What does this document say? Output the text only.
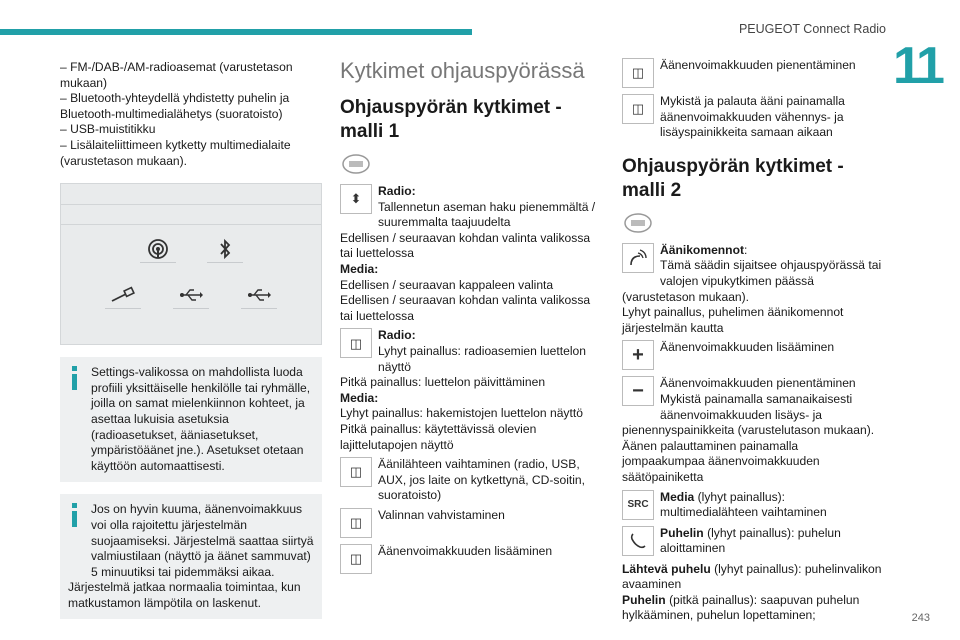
PEUGEOT Connect Radio
11
243

– FM-/DAB-/AM-radioasemat (varustetason mukaan)

– Bluetooth-yhteydellä yhdistetty puhelin ja Bluetooth-multimedialähetys (suoratoisto)

– USB-muistitikku

– Lisälaiteliittimeen kytketty multimedialaite (varustetason mukaan).

Settings-valikossa on mahdollista luoda profiili yksittäiselle henkilölle tai ryhmälle, joilla on samat mielenkiinnon kohteet, ja asettaa lukuisia asetuksia (radioasetukset, ääniasetukset, ympäristöäänet jne.). Asetukset otetaan käyttöön automaattisesti.

Jos on hyvin kuuma, äänenvoimakkuus voi olla rajoitettu järjestelmän suojaamiseksi. Järjestelmä saattaa siirtyä valmiustilaan (näyttö ja äänet sammuvat) 5 minuutiksi tai pidemmäksi aikaa.

Järjestelmä jatkaa normaalia toimintaa, kun matkustamon lämpötila on laskenut.

Kytkimet ohjauspyörässä
Ohjauspyörän kytkimet - malli 1
⬍

Radio:

Tallennetun aseman haku pienemmältä / suuremmalta taajuudelta

Edellisen / seuraavan kohdan valinta valikossa tai luettelossa

Media:

Edellisen / seuraavan kappaleen valinta

Edellisen / seuraavan kohdan valinta valikossa tai luettelossa

◫

Radio:

Lyhyt painallus: radioasemien luettelon näyttö

Pitkä painallus: luettelon päivittäminen

Media:

Lyhyt painallus: hakemistojen luettelon näyttö

Pitkä painallus: käytettävissä olevien lajittelutapojen näyttö

◫

Äänilähteen vaihtaminen (radio, USB, AUX, jos laite on kytkettynä, CD-soitin, suoratoisto)

◫

Valinnan vahvistaminen

◫

Äänenvoimakkuuden lisääminen

◫

Äänenvoimakkuuden pienentäminen

◫

Mykistä ja palauta ääni painamalla äänenvoimakkuuden vähennys- ja lisäyspainikkeita samaan aikaan

Ohjauspyörän kytkimet - malli 2

Äänikomennot:

Tämä säädin sijaitsee ohjauspyörässä tai valojen vipukytkimen päässä (varustetason mukaan).

Lyhyt painallus, puhelimen äänikomennot järjestelmän kautta

+	Äänenvoimakkuuden lisääminen

−	Äänenvoimakkuuden pienentäminen

Mykistä painamalla samanaikaisesti äänenvoimakkuuden lisäys- ja pienennyspainikkeita (varustelutason mukaan).

Äänen palauttaminen painamalla jompaakumpaa äänenvoimakkuuden säätöpainiketta

SRC

Media (lyhyt painallus): multimedialähteen vaihtaminen

Puhelin (lyhyt painallus): puhelun aloittaminen

Lähtevä puhelu (lyhyt painallus): puhelinvalikon avaaminen

Puhelin (pitkä painallus): saapuvan puhelun hylkääminen, puhelun lopettaminen;
